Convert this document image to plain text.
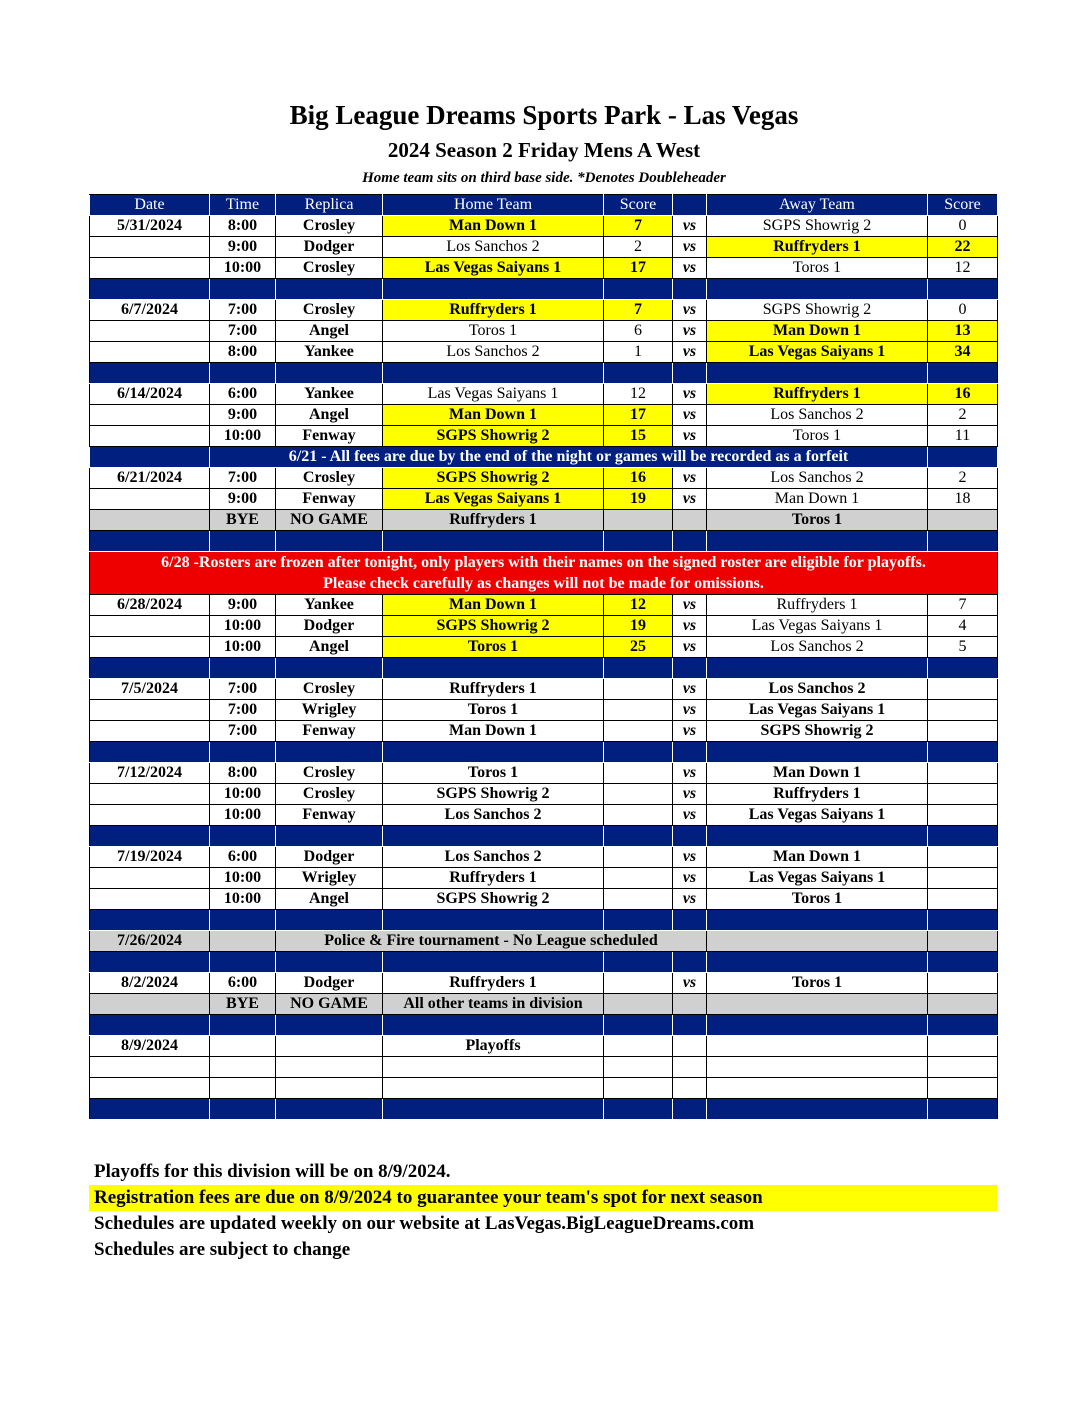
Big League Dreams Sports Park - Las Vegas
2024 Season 2 Friday Mens A West
Home team sits on third base side. *Denotes Doubleheader
Date	Time	Replica	Home Team	Score		Away Team	Score
5/31/2024	8:00	Crosley	Man Down 1	7	vs	SGPS Showrig 2	0
	9:00	Dodger	Los Sanchos 2	2	vs	Ruffryders 1	22
	10:00	Crosley	Las Vegas Saiyans 1	17	vs	Toros 1	12

6/7/2024	7:00	Crosley	Ruffryders 1	7	vs	SGPS Showrig 2	0
	7:00	Angel	Toros 1	6	vs	Man Down 1	13
	8:00	Yankee	Los Sanchos 2	1	vs	Las Vegas Saiyans 1	34

6/14/2024	6:00	Yankee	Las Vegas Saiyans 1	12	vs	Ruffryders 1	16
	9:00	Angel	Man Down 1	17	vs	Los Sanchos 2	2
	10:00	Fenway	SGPS Showrig 2	15	vs	Toros 1	11
	6/21 - All fees are due by the end of the night or games will be recorded as a forfeit						
6/21/2024	7:00	Crosley	SGPS Showrig 2	16	vs	Los Sanchos 2	2
	9:00	Fenway	Las Vegas Saiyans 1	19	vs	Man Down 1	18
	BYE	NO GAME	Ruffryders 1			Toros 1	

6/28 -Rosters are frozen after tonight, only players with their names on the signed roster are eligible for playoffs.							
Please check carefully as changes will not be made for omissions.							
6/28/2024	9:00	Yankee	Man Down 1	12	vs	Ruffryders 1	7
	10:00	Dodger	SGPS Showrig 2	19	vs	Las Vegas Saiyans 1	4
	10:00	Angel	Toros 1	25	vs	Los Sanchos 2	5

7/5/2024	7:00	Crosley	Ruffryders 1		vs	Los Sanchos 2	
	7:00	Wrigley	Toros 1		vs	Las Vegas Saiyans 1	
	7:00	Fenway	Man Down 1		vs	SGPS Showrig 2	

7/12/2024	8:00	Crosley	Toros 1		vs	Man Down 1	
	10:00	Crosley	SGPS Showrig 2		vs	Ruffryders 1	
	10:00	Fenway	Los Sanchos 2		vs	Las Vegas Saiyans 1	

7/19/2024	6:00	Dodger	Los Sanchos 2		vs	Man Down 1	
	10:00	Wrigley	Ruffryders 1		vs	Las Vegas Saiyans 1	
	10:00	Angel	SGPS Showrig 2		vs	Toros 1	

7/26/2024		Police & Fire tournament - No League scheduled					

8/2/2024	6:00	Dodger	Ruffryders 1		vs	Toros 1	
	BYE	NO GAME	All other teams in division				

8/9/2024			Playoffs				

Playoffs for this division will be on 8/9/2024.
Registration fees are due on 8/9/2024 to guarantee your team's spot for next season
Schedules are updated weekly on our website at LasVegas.BigLeagueDreams.com
Schedules are subject to change
